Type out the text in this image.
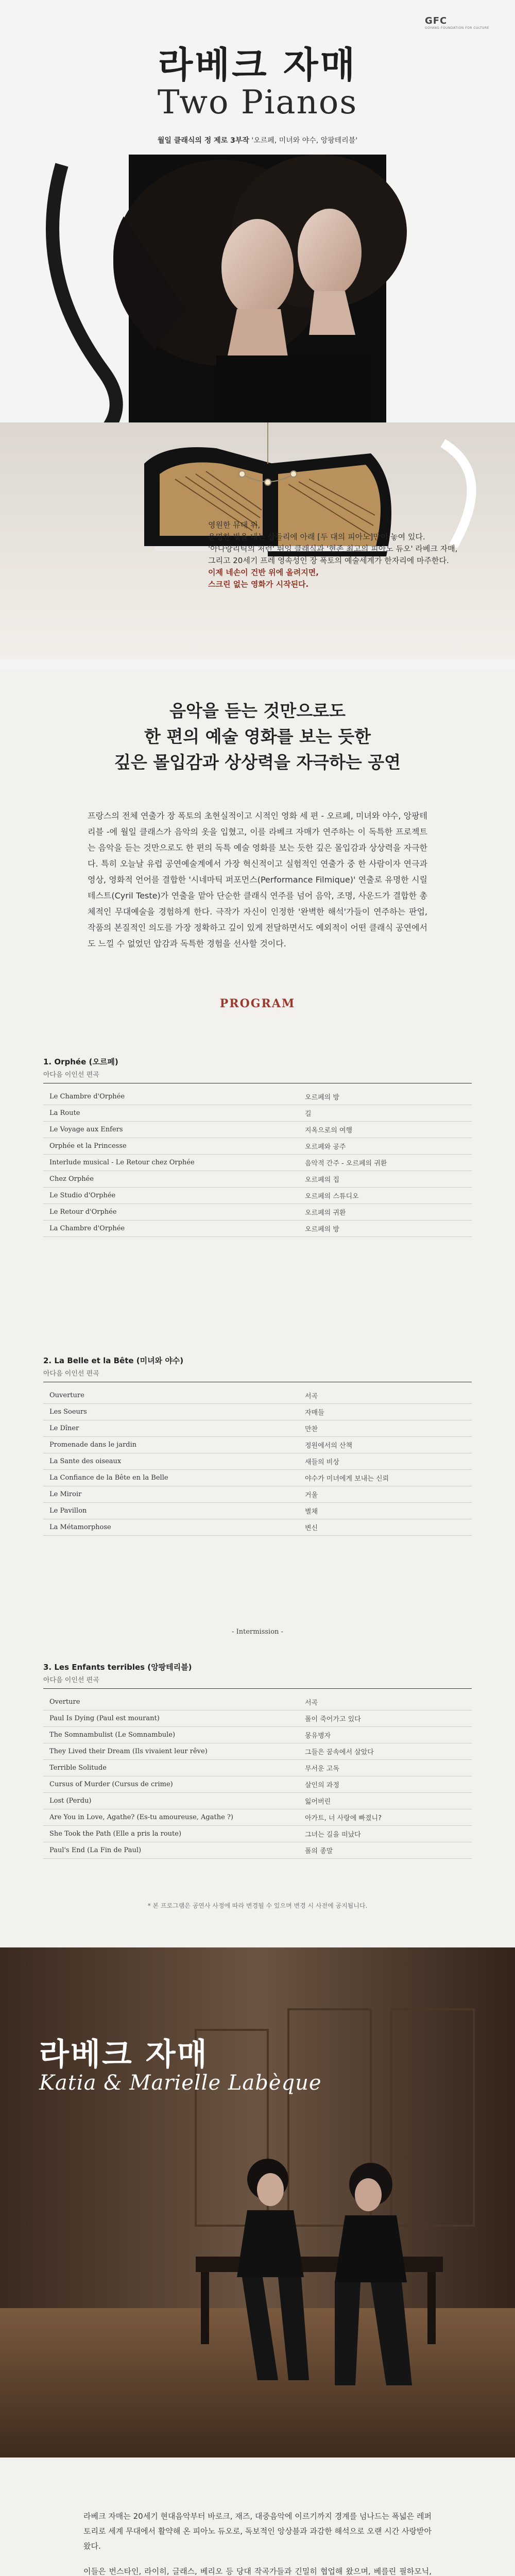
GFC
GOYANG FOUNDATION FOR CULTURE
라베크 자매
Two Pianos
월일 클래식의 정 제로 3부작 '오르페, 미녀와 야수, 앙팡테리블'
영원한 뮤대 위,
운명한 빛을 내는 상들리에 아래 [두 대의 피아노]만이 놓여 있다.
'아나랑리틱의 처런' 뛰잉 클래식과 '현존 최고의 피아노 듀오' 라베크 자매,
그리고 20세기 프레 영속성인 장 폭토의 예술세계가 한자리에 마주한다.
이제 네손이 건반 위에 올려지면,
스크린 없는 영화가 시작된다.
음악을 듣는 것만으로도
한 편의 예술 영화를 보는 듯한
깊은 몰입감과 상상력을 자극하는 공연
프랑스의 전체 연출가 장 폭토의 초현실적이고 시적인 영화 세 편 - 오르페, 미녀와 야수, 앙팡테리블 -에 월일 클래스가 음악의 옷을 입혔고, 이를 라베크 자매가 연주하는 이 독특한 프로젝트는 음악을 듣는 것만으로도 한 편의 독특 예술 영화를 보는 듯한 깊은 몰입감과 상상력을 자극한다. 특히 오늘날 유럽 공연예술계에서 가장 혁신적이고 실험적인 연출가 중 한 사람이자 연극과 영상, 영화적 언어를 결합한 '시네마틱 퍼포먼스(Performance Filmique)' 연출로 유명한 시릴 테스트(Cyril Teste)가 연출을 맡아 단순한 클래식 연주를 넘어 음악, 조명, 사운드가 결합한 총체적인 무대예술을 경험하게 한다. 극작가 자신이 인정한 '완벽한 해석'가들이 연주하는 판업, 작품의 본질적인 의도를 가장 정확하고 깊이 있게 전달하면서도 예외적이 어떤 클래식 공연에서도 느낄 수 없었던 압감과 독특한 경험을 선사할 것이다.
PROGRAM
1. Orphée (오르페)
아다음 이인선 편곡
Le Chambre d'Orphée	오르페의 방
La Route	길
Le Voyage aux Enfers	지옥으로의 여행
Orphée et la Princesse	오르페와 공주
Interlude musical - Le Retour chez Orphée	음악적 간주 - 오르페의 귀환
Chez Orphée	오르페의 집
Le Studio d'Orphée	오르페의 스튜디오
Le Retour d'Orphée	오르페의 귀환
La Chambre d'Orphée	오르페의 방
2. La Belle et la Bête (미녀와 야수)
아다음 이인선 편곡
Ouverture	서곡
Les Soeurs	자매들
Le Dîner	만찬
Promenade dans le jardin	정원에서의 산책
La Sante des oiseaux	새들의 비상
La Confiance de la Bête en la Belle	야수가 미녀에게 보내는 신뢰
Le Miroir	거울
Le Pavillon	별채
La Métamorphose	변신
- Intermission -
3. Les Enfants terribles (앙팡테리블)
아다음 이인선 편곡
Overture	서곡
Paul Is Dying (Paul est mourant)	폴이 죽어가고 있다
The Somnambulist (Le Somnambule)	몽유병자
They Lived their Dream (Ils vivaient leur rêve)	그들은 꿈속에서 살았다
Terrible Solitude	무서운 고독
Cursus of Murder (Cursus de crime)	살인의 과정
Lost (Perdu)	잃어버린
Are You in Love, Agathe? (Es-tu amoureuse, Agathe ?)	아가트, 너 사랑에 빠졌니?
She Took the Path (Elle a pris la route)	그녀는 길을 떠났다
Paul's End (La Fin de Paul)	폴의 종말
* 본 프로그램은 공연사 사정에 따라 변경될 수 있으며 변경 시 사전에 공지됩니다.
라베크 자매
Katia & Marielle Labèque

라베크 자매는 20세기 현대음악부터 바로크, 재즈, 대중음악에 이르기까지 경계를 넘나드는 폭넓은 레퍼토리로 세계 무대에서 활약해 온 피아노 듀오로, 독보적인 앙상블과 과감한 해석으로 오랜 시간 사랑받아 왔다.

이들은 번스타인, 라이히, 글래스, 베리오 등 당대 작곡가들과 긴밀히 협업해 왔으며, 베를린 필하모닉,
